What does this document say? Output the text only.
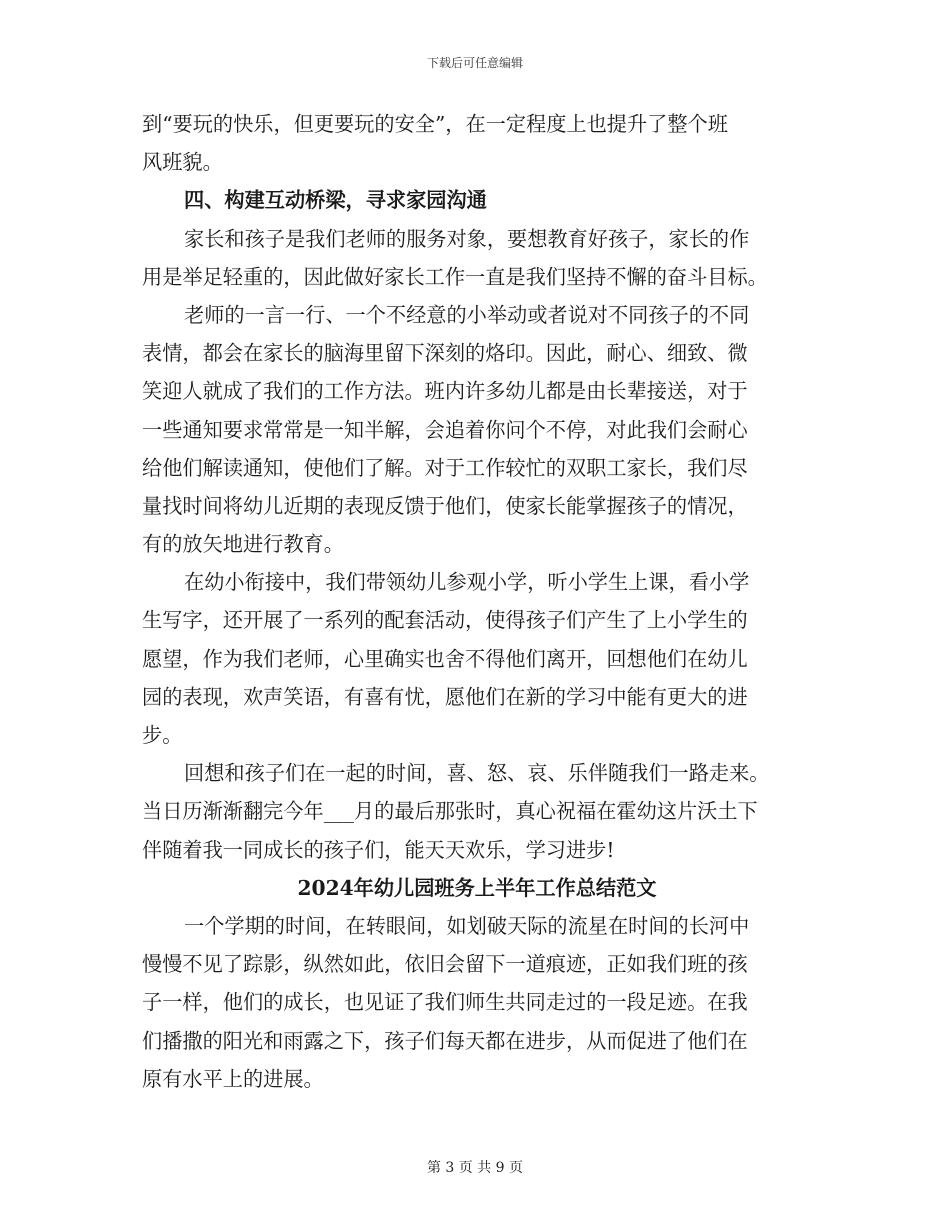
下载后可任意编辑
到“要玩的快乐，但更要玩的安全”，在一定程度上也提升了整个班
风班貌。
四、构建互动桥梁，寻求家园沟通
家长和孩子是我们老师的服务对象，要想教育好孩子，家长的作
用是举足轻重的，因此做好家长工作一直是我们坚持不懈的奋斗目标。
老师的一言一行、一个不经意的小举动或者说对不同孩子的不同
表情，都会在家长的脑海里留下深刻的烙印。因此，耐心、细致、微
笑迎人就成了我们的工作方法。班内许多幼儿都是由长辈接送，对于
一些通知要求常常是一知半解，会追着你问个不停，对此我们会耐心
给他们解读通知，使他们了解。对于工作较忙的双职工家长，我们尽
量找时间将幼儿近期的表现反馈于他们，使家长能掌握孩子的情况，
有的放矢地进行教育。
在幼小衔接中，我们带领幼儿参观小学，听小学生上课，看小学
生写字，还开展了一系列的配套活动，使得孩子们产生了上小学生的
愿望，作为我们老师，心里确实也舍不得他们离开，回想他们在幼儿
园的表现，欢声笑语，有喜有忧，愿他们在新的学习中能有更大的进
步。
回想和孩子们在一起的时间，喜、怒、哀、乐伴随我们一路走来。
当日历渐渐翻完今年___月的最后那张时，真心祝福在霍幼这片沃土下
伴随着我一同成长的孩子们，能天天欢乐，学习进步!
2024年幼儿园班务上半年工作总结范文
一个学期的时间，在转眼间，如划破天际的流星在时间的长河中
慢慢不见了踪影，纵然如此，依旧会留下一道痕迹，正如我们班的孩
子一样，他们的成长，也见证了我们师生共同走过的一段足迹。在我
们播撒的阳光和雨露之下，孩子们每天都在进步，从而促进了他们在
原有水平上的进展。
第 3 页 共 9 页
